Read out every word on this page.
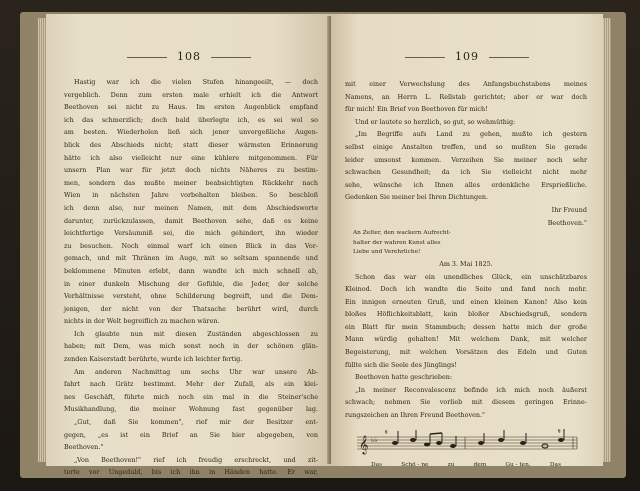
108
Hastig war ich die vielen Stufen hinangeeilt, — doch
vergeblich. Denn zum ersten male erhielt ich die Antwort
Beethoven sei nicht zu Haus. Im ersten Augenblick empfand
ich das schmerzlich; doch bald überlegte ich, es sei wol so
am besten. Wiederholen ließ sich jener unvergeßliche Augen-
blick des Abschieds nicht; statt dieser wärmsten Erinnerung
hätte ich also vielleicht nur eine kühlere mitgenommen. Für
unsern Plan war für jetzt doch nichts Näheres zu bestim-
men, sondern das mußte meiner beabsichtigten Rückkehr nach
Wien in nächsten Jahre vorbehalten bleiben. So beschloß
ich denn also, nur meinen Namen, mit dem Abschiedsworte
darunter, zurückzulassen, damit Beethoven sehe, daß es keine
leichtfertige Versäumniß sei, die mich gehindert, ihn wieder
zu besuchen. Noch einmal warf ich einen Blick in das Vor-
gemach, und mit Thränen im Auge, mit so seltsam spannende und
beklommene Minuten erlebt, dann wandte ich mich schnell ab,
in einer dunkeln Mischung der Gefühle, die Jeder, der solche
Verhältnisse versteht, ohne Schilderung begreift, und die Dem-
jenigen, der nicht von der Thatsache berührt wird, durch
nichts in der Welt begreiflich zu machen wären.
Ich glaubte nun mit diesen Zuständen abgeschlossen zu
haben; mit Dem, was mich sonst noch in der schönen glän-
zenden Kaiserstadt berührte, wurde ich leichter fertig.
Am anderen Nachmittag um sechs Uhr war unsere Ab-
fahrt nach Grätz bestimmt. Mehr der Zufall, als ein klei-
nes Geschäft, führte mich noch ein mal in die Steiner'sche
Musikhandlung, die meiner Wohnung fast gegenüber lag.
„Gut, daß Sie kommen", rief mir der Besitzer ent-
gegen, „es ist ein Brief an Sie hier abgegeben, von
Beethoven."
„Von Beethoven!" rief ich freudig erschreckt, und zit-
terte vor Ungeduld, bis ich ihn in Händen hatte. Er war,
109
mit einer Verwechslung des Anfangsbuchstabens meines
Namens, an Herrn L. Rellstab gerichtet; aber er war doch
für mich! Ein Brief von Beethoven für mich!
Und er lautete so herzlich, so gut, so wehmüthig:
„Im Begriffe aufs Land zu gehen, mußte ich gestern
selbst einige Anstalten treffen, und so mußten Sie gerade
leider umsonst kommen. Verzeihen Sie meiner noch sehr
schwachen Gesundheit; da ich Sie vielleicht nicht mehr
sehe, wünsche ich Ihnen alles erdenkliche Ersprießliche.
Gedenken Sie meiner bei Ihren Dichtungen.
Ihr Freund
Beethoven."
An Zelter, den wackern Aufrecht-
halter der wahren Kunst alles
Liebe und Verehrliche!
Am 3. Mai 1825.
Schon das war ein unendliches Glück, ein unschätzbares
Kleinod. Doch ich wandte die Seite und fand noch mehr.
Ein innigen erneuten Gruß, und einen kleinen Kanon! Also kein
bloßes Höflichkeitsblatt, kein bloßer Abschiedsgruß, sondern
ein Blatt für mein Stammbuch; dessen hatte mich der große
Mann würdig gehalten! Mit welchem Dank, mit welcher
Begeisterung, mit welchen Vorsätzen des Edeln und Guten
füllte sich die Seele des Jünglings!
Beethoven hatte geschrieben:
„In meiner Reconvalescenz befinde ich mich noch äußerst
schwach; nehmen Sie vorlieb mit diesem geringen Erinne-
rungszeichen an Ihren Freund Beethoven."
𝄞 ♭♭
𝄋	𝄋
Das	Schö - ne	zu	dem	Gu - ten.	Das
